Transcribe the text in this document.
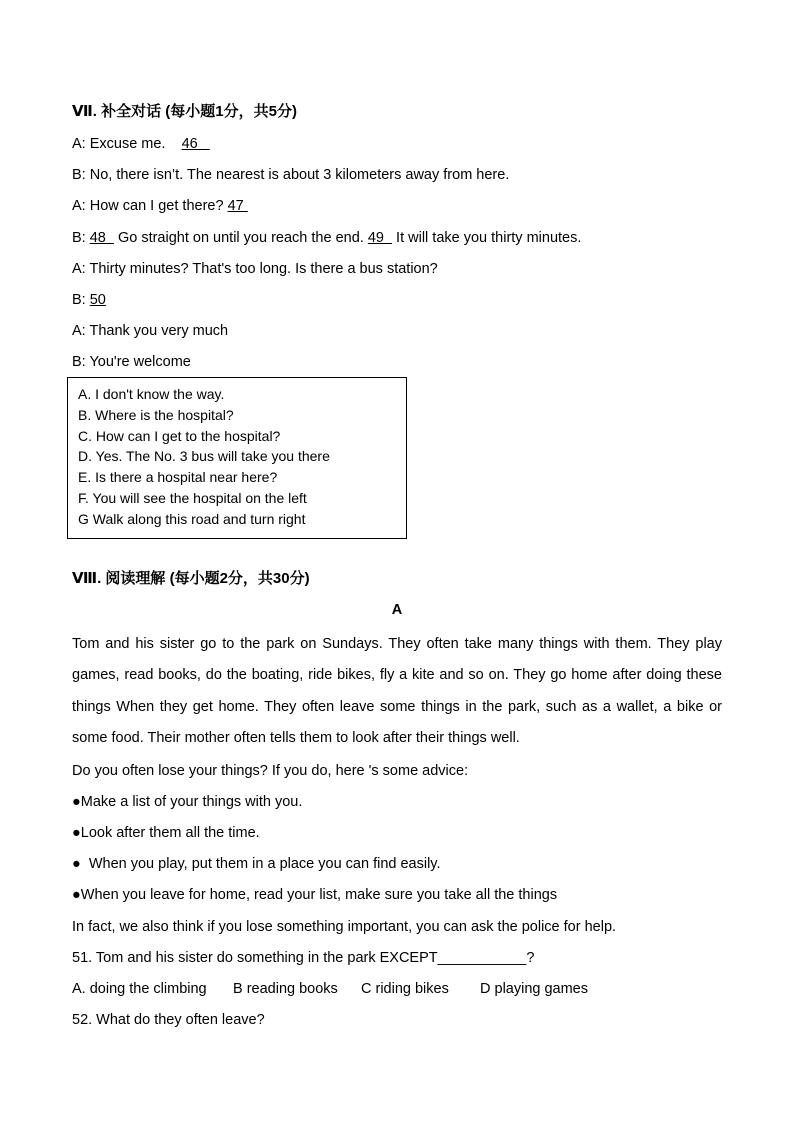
Ⅶ. 补全对话 (每小题1分，共5分)
A: Excuse me.    46
B: No, there isn’t. The nearest is about 3 kilometers away from here.
A: How can I get there? 47
B: 48   Go straight on until you reach the end. 49   It will take you thirty minutes.
A: Thirty minutes? That's too long. Is there a bus station?
B: 50
A: Thank you very much
B: You're welcome
A. I don't know the way.
B. Where is the hospital?
C. How can I get to the hospital?
D. Yes. The No. 3 bus will take you there
E. Is there a hospital near here?
F. You will see the hospital on the left
G Walk along this road and turn right
Ⅷ. 阅读理解 (每小题2分，共30分)
A
Tom and his sister go to the park on Sundays. They often take many things with them. They play games, read books, do the boating, ride bikes, fly a kite and so on. They go home after doing these things When they get home. They often leave some things in the park, such as a wallet, a bike or some food. Their mother often tells them to look after their things well.
Do you often lose your things? If you do, here 's some advice:
●Make a list of your things with you.
●Look after them all the time.
●  When you play, put them in a place you can find easily.
●When you leave for home, read your list, make sure you take all the things
In fact, we also think if you lose something important, you can ask the police for help.
51. Tom and his sister do something in the park EXCEPT___________?
A. doing the climbing B reading books C riding bikes D playing games
52. What do they often leave?
